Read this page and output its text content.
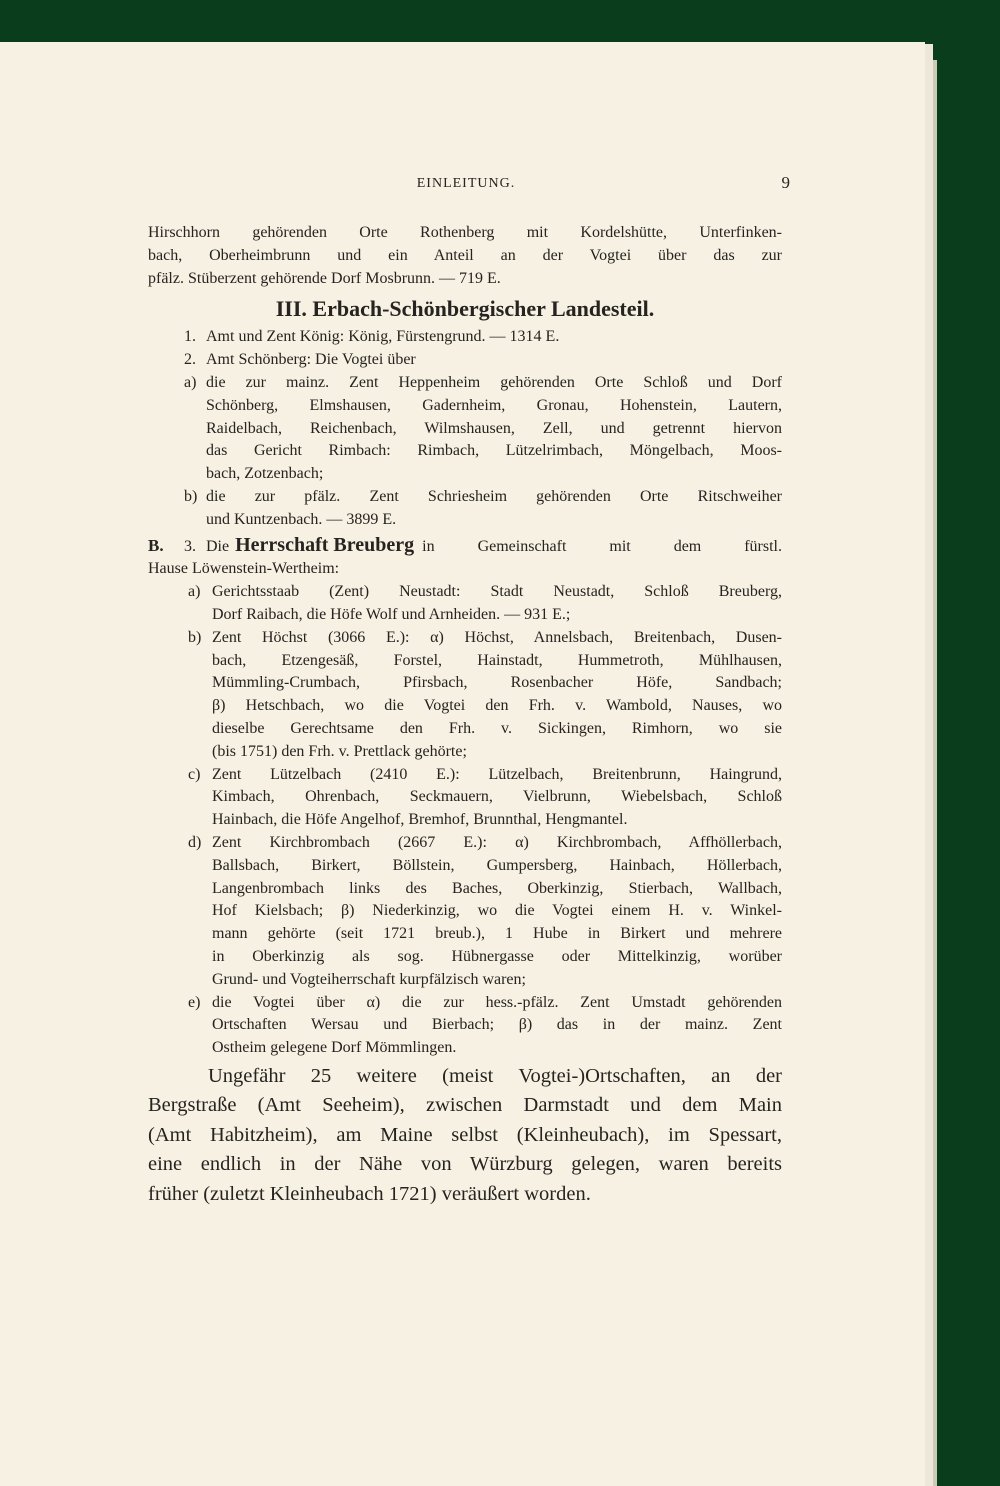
EINLEITUNG.	9
Hirschhorn gehörenden Orte Rothenberg mit Kordelshütte, Unterfinken-
bach, Oberheimbrunn und ein Anteil an der Vogtei über das zur
pfälz. Stüberzent gehörende Dorf Mosbrunn. — 719 E.
III. Erbach-Schönbergischer Landesteil.
1. Amt und Zent König: König, Fürstengrund. — 1314 E.
2. Amt Schönberg: Die Vogtei über
a) die zur mainz. Zent Heppenheim gehörenden Orte Schloß und Dorf
Schönberg, Elmshausen, Gadernheim, Gronau, Hohenstein, Lautern,
Raidelbach, Reichenbach, Wilmshausen, Zell, und getrennt hiervon
das Gericht Rimbach: Rimbach, Lützelrimbach, Möngelbach, Moos-
bach, Zotzenbach;
b) die zur pfälz. Zent Schriesheim gehörenden Orte Ritschweiher
und Kuntzenbach. — 3899 E.
B.	3. Die Herrschaft Breuberg in Gemeinschaft mit dem fürstl.
Hause Löwenstein-Wertheim:
a) Gerichtsstaab (Zent) Neustadt: Stadt Neustadt, Schloß Breuberg,
Dorf Raibach, die Höfe Wolf und Arnheiden. — 931 E.;
b) Zent Höchst (3066 E.): α) Höchst, Annelsbach, Breitenbach, Dusen-
bach, Etzengesäß, Forstel, Hainstadt, Hummetroth, Mühlhausen,
Mümmling-Crumbach, Pfirsbach, Rosenbacher Höfe, Sandbach;
β) Hetschbach, wo die Vogtei den Frh. v. Wambold, Nauses, wo
dieselbe Gerechtsame den Frh. v. Sickingen, Rimhorn, wo sie
(bis 1751) den Frh. v. Prettlack gehörte;
c) Zent Lützelbach (2410 E.): Lützelbach, Breitenbrunn, Haingrund,
Kimbach, Ohrenbach, Seckmauern, Vielbrunn, Wiebelsbach, Schloß
Hainbach, die Höfe Angelhof, Bremhof, Brunnthal, Hengmantel.
d) Zent Kirchbrombach (2667 E.): α) Kirchbrombach, Affhöllerbach,
Ballsbach, Birkert, Böllstein, Gumpersberg, Hainbach, Höllerbach,
Langenbrombach links des Baches, Oberkinzig, Stierbach, Wallbach,
Hof Kielsbach; β) Niederkinzig, wo die Vogtei einem H. v. Winkel-
mann gehörte (seit 1721 breub.), 1 Hube in Birkert und mehrere
in Oberkinzig als sog. Hübnergasse oder Mittelkinzig, worüber
Grund- und Vogteiherrschaft kurpfälzisch waren;
e) die Vogtei über α) die zur hess.-pfälz. Zent Umstadt gehörenden
Ortschaften Wersau und Bierbach; β) das in der mainz. Zent
Ostheim gelegene Dorf Mömmlingen.
Ungefähr 25 weitere (meist Vogtei-)Ortschaften, an der
Bergstraße (Amt Seeheim), zwischen Darmstadt und dem Main
(Amt Habitzheim), am Maine selbst (Kleinheubach), im Spessart,
eine endlich in der Nähe von Würzburg gelegen, waren bereits
früher (zuletzt Kleinheubach 1721) veräußert worden.
